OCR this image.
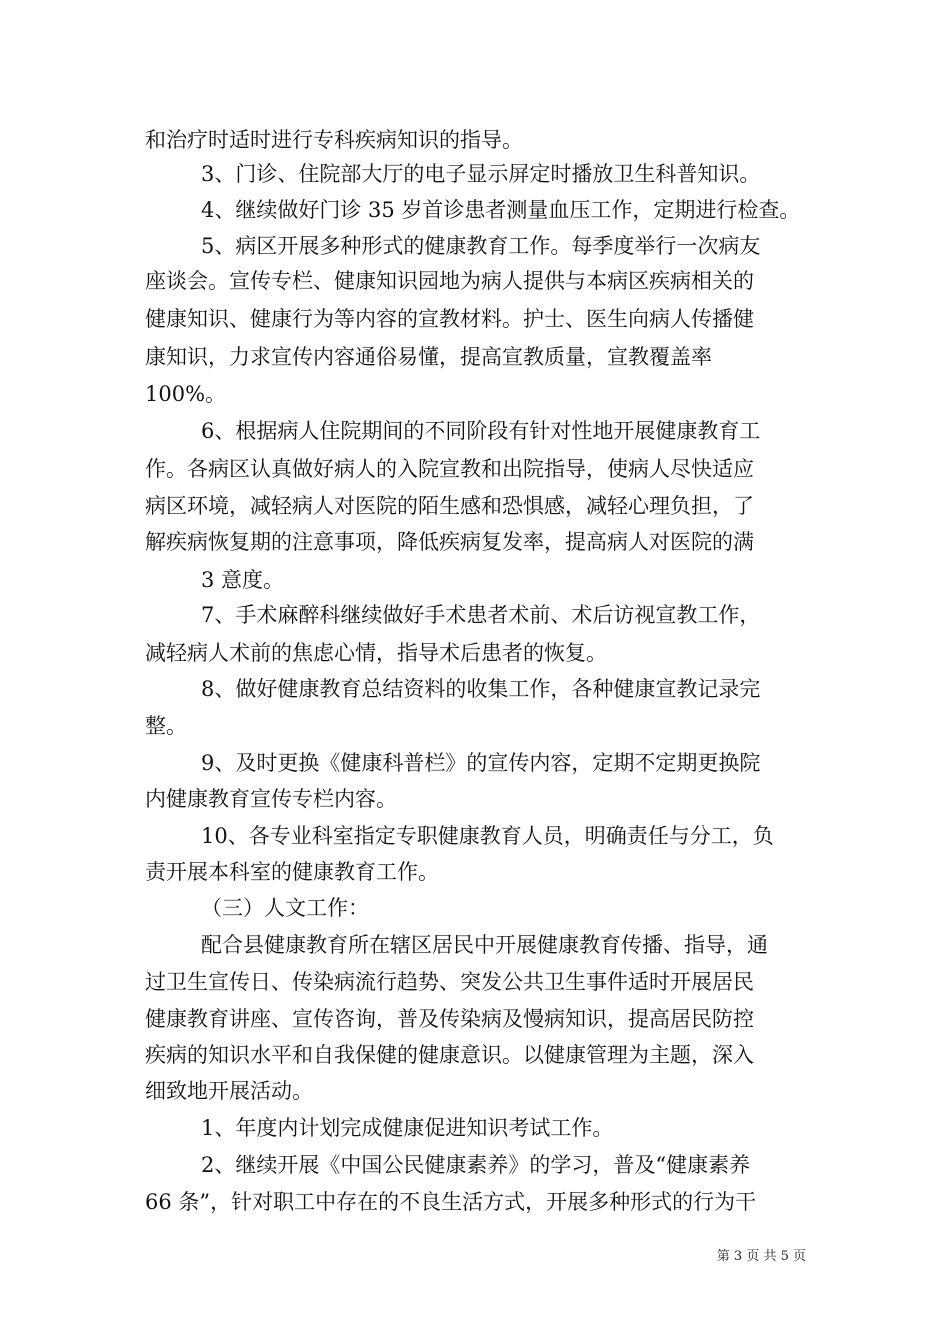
和治疗时适时进行专科疾病知识的指导。

3、门诊、住院部大厅的电子显示屏定时播放卫生科普知识。

4、继续做好门诊 35 岁首诊患者测量血压工作，定期进行检查。

5、病区开展多种形式的健康教育工作。每季度举行一次病友

座谈会。宣传专栏、健康知识园地为病人提供与本病区疾病相关的

健康知识、健康行为等内容的宣教材料。护士、医生向病人传播健

康知识，力求宣传内容通俗易懂，提高宣教质量，宣教覆盖率

100%。

6、根据病人住院期间的不同阶段有针对性地开展健康教育工

作。各病区认真做好病人的入院宣教和出院指导，使病人尽快适应

病区环境，减轻病人对医院的陌生感和恐惧感，减轻心理负担，了

解疾病恢复期的注意事项，降低疾病复发率，提高病人对医院的满

3 意度。

7、手术麻醉科继续做好手术患者术前、术后访视宣教工作，

减轻病人术前的焦虑心情，指导术后患者的恢复。

8、做好健康教育总结资料的收集工作，各种健康宣教记录完

整。

9、及时更换《健康科普栏》的宣传内容，定期不定期更换院

内健康教育宣传专栏内容。

10、各专业科室指定专职健康教育人员，明确责任与分工，负

责开展本科室的健康教育工作。

（三）人文工作：

配合县健康教育所在辖区居民中开展健康教育传播、指导，通

过卫生宣传日、传染病流行趋势、突发公共卫生事件适时开展居民

健康教育讲座、宣传咨询，普及传染病及慢病知识，提高居民防控

疾病的知识水平和自我保健的健康意识。以健康管理为主题，深入

细致地开展活动。

1、年度内计划完成健康促进知识考试工作。

2、继续开展《中国公民健康素养》的学习，普及“健康素养

66 条”，针对职工中存在的不良生活方式，开展多种形式的行为干

第 3 页 共 5 页
